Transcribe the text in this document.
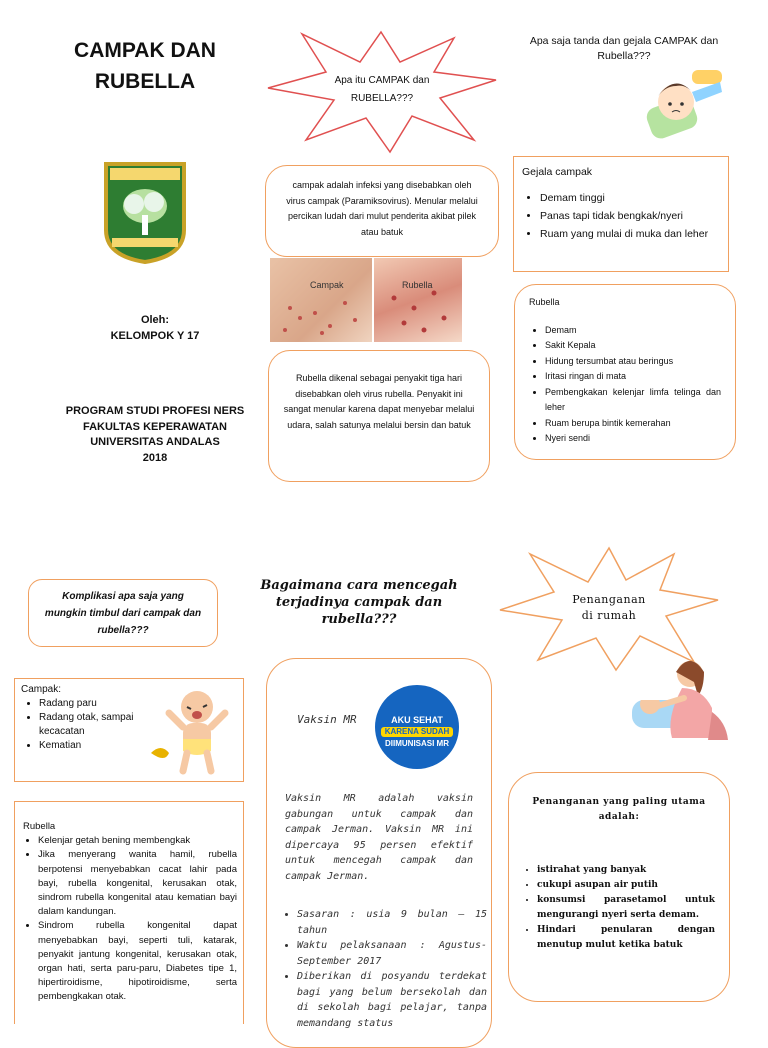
CAMPAK DAN
RUBELLA
Oleh:
KELOMPOK Y 17
PROGRAM STUDI PROFESI NERS
FAKULTAS KEPERAWATAN
UNIVERSITAS ANDALAS
2018
Apa itu CAMPAK dan
RUBELLA???
campak adalah infeksi yang disebabkan oleh virus campak (Paramiksovirus). Menular melalui percikan ludah dari mulut penderita akibat pilek atau batuk
Campak	Rubella
Rubella dikenal sebagai penyakit tiga hari disebabkan oleh virus rubella. Penyakit ini sangat menular karena dapat menyebar melalui udara, salah satunya melalui bersin dan batuk
Apa saja tanda dan gejala CAMPAK dan
Rubella???
Gejala campak
• Demam tinggi
• Panas tapi tidak bengkak/nyeri
• Ruam yang mulai di muka dan leher
Rubella
• Demam
• Sakit Kepala
• Hidung tersumbat atau beringus
• Iritasi ringan di mata
• Pembengkakan kelenjar limfa telinga dan leher
• Ruam berupa bintik kemerahan
• Nyeri sendi
Komplikasi apa saja yang mungkin timbul dari campak dan rubella???
Campak:
• Radang paru
• Radang otak, sampai kecacatan
• Kematian
Rubella
• Kelenjar getah bening membengkak
• Jika menyerang wanita hamil, rubella berpotensi menyebabkan cacat lahir pada bayi, rubella kongenital, kerusakan otak, sindrom rubella kongenital atau kematian bayi dalam kandungan.
• Sindrom rubella kongenital dapat menyebabkan bayi, seperti tuli, katarak, penyakit jantung kongenital, kerusakan otak, organ hati, serta paru-paru, Diabetes tipe 1, hipertiroidisme, hipotiroidisme, serta pembengkakan otak.
Bagaimana cara mencegah
terjadinya campak dan
rubella???
Vaksin MR	AKU SEHAT
KARENA SUDAH
DIIMUNISASI MR
Vaksin MR adalah vaksin gabungan untuk campak dan campak Jerman. Vaksin MR ini dipercaya 95 persen efektif untuk mencegah campak dan campak Jerman.
• Sasaran : usia 9 bulan – 15 tahun
• Waktu pelaksanaan : Agustus-September 2017
• Diberikan di posyandu terdekat bagi yang belum bersekolah dan di sekolah bagi pelajar, tanpa memandang status
Penanganan
di rumah
Penanganan yang paling utama
adalah:
• istirahat yang banyak
• cukupi asupan air putih
• konsumsi parasetamol untuk mengurangi nyeri serta demam.
• Hindari penularan dengan menutup mulut ketika batuk
